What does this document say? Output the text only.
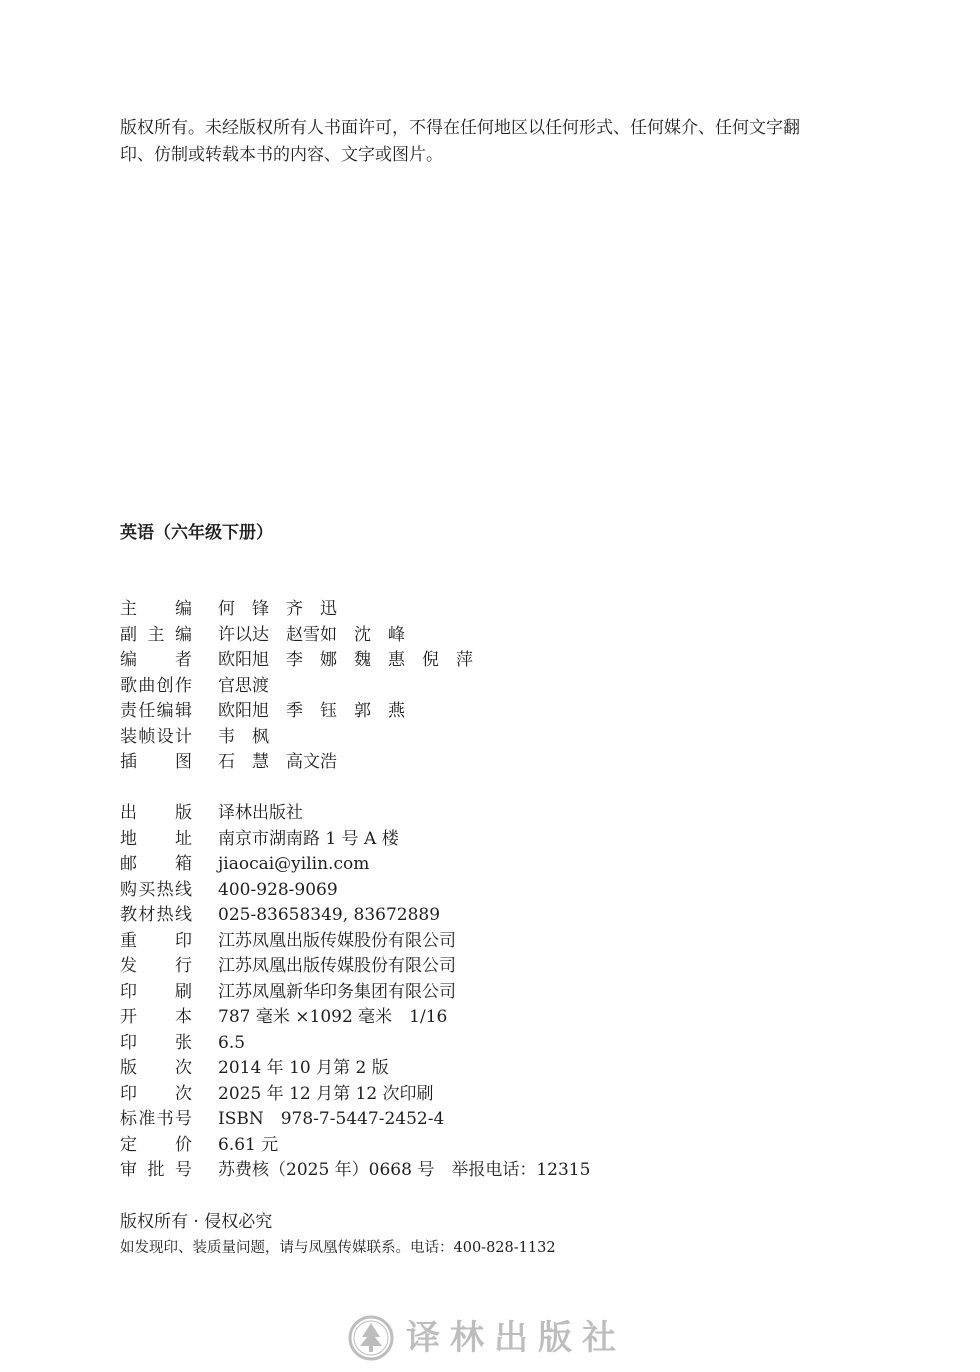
版权所有。未经版权所有人书面许可，不得在任何地区以任何形式、任何媒介、任何文字翻印、仿制或转载本书的内容、文字或图片。
英语（六年级下册）
主编 何　锋　齐　迅
副主编 许以达　赵雪如　沈　峰
编者 欧阳旭　李　娜　魏　惠　倪　萍
歌曲创作 官思渡
责任编辑 欧阳旭　季　钰　郭　燕
装帧设计 韦　枫
插图 石　慧　高文浩
出版 译林出版社
地址 南京市湖南路 1 号 A 楼
邮箱 jiaocai@yilin.com
购买热线 400-928-9069
教材热线 025-83658349, 83672889
重印 江苏凤凰出版传媒股份有限公司
发行 江苏凤凰出版传媒股份有限公司
印刷 江苏凤凰新华印务集团有限公司
开本 787 毫米 ×1092 毫米　1/16
印张 6.5
版次 2014 年 10 月第 2 版
印次 2025 年 12 月第 12 次印刷
标准书号 ISBN　978-7-5447-2452-4
定价 6.61 元
审批号 苏费核（2025 年）0668 号　举报电话：12315
版权所有 · 侵权必究
如发现印、装质量问题，请与凤凰传媒联系。电话：400-828-1132
译林出版社
